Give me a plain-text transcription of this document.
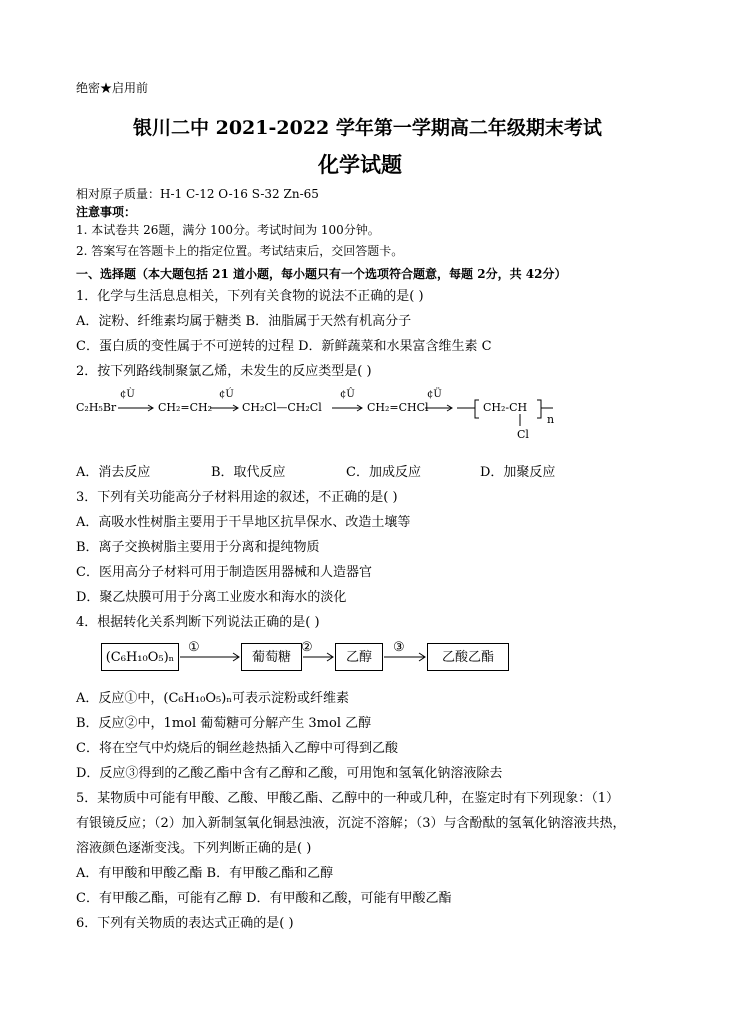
绝密★启用前
银川二中 2021-2022 学年第一学期高二年级期末考试
化学试题
相对原子质量：H-1 C-12 O-16 S-32 Zn-65
注意事项：
1. 本试卷共 26题，满分 100分。考试时间为 100分钟。
2. 答案写在答题卡上的指定位置。考试结束后，交回答题卡。
一、选择题（本大题包括 21 道小题，每小题只有一个选项符合题意，每题 2分，共 42分）
1．化学与生活息息相关，下列有关食物的说法不正确的是( )
A．淀粉、纤维素均属于糖类 B．油脂属于天然有机高分子
C．蛋白质的变性属于不可逆转的过程 D．新鲜蔬菜和水果富含维生素 C
2．按下列路线制聚氯乙烯，未发生的反应类型是( )
C₂H₅Br
¢Ù
CH₂=CH₂
¢Ú
CH₂Cl—CH₂Cl
¢Û
CH₂=CHCl
¢Ü
CH₂-CH
n
Cl
A．消去反应	B．取代反应	C．加成反应	D．加聚反应
3．下列有关功能高分子材料用途的叙述，不正确的是( )
A．高吸水性树脂主要用于干旱地区抗旱保水、改造土壤等
B．离子交换树脂主要用于分离和提纯物质
C．医用高分子材料可用于制造医用器械和人造器官
D．聚乙炔膜可用于分离工业废水和海水的淡化
4．根据转化关系判断下列说法正确的是( )
(C₆H₁₀O₅)ₙ
①
葡萄糖
②
乙醇
③
乙酸乙酯
A．反应①中，(C₆H₁₀O₅)ₙ可表示淀粉或纤维素
B．反应②中，1mol 葡萄糖可分解产生 3mol 乙醇
C．将在空气中灼烧后的铜丝趁热插入乙醇中可得到乙酸
D．反应③得到的乙酸乙酯中含有乙醇和乙酸，可用饱和氢氧化钠溶液除去
5．某物质中可能有甲酸、乙酸、甲酸乙酯、乙醇中的一种或几种，在鉴定时有下列现象：（1）
有银镜反应；（2）加入新制氢氧化铜悬浊液，沉淀不溶解；（3）与含酚酞的氢氧化钠溶液共热，
溶液颜色逐渐变浅。下列判断正确的是( )
A．有甲酸和甲酸乙酯 B．有甲酸乙酯和乙醇
C．有甲酸乙酯，可能有乙醇 D．有甲酸和乙酸，可能有甲酸乙酯
6．下列有关物质的表达式正确的是( )
